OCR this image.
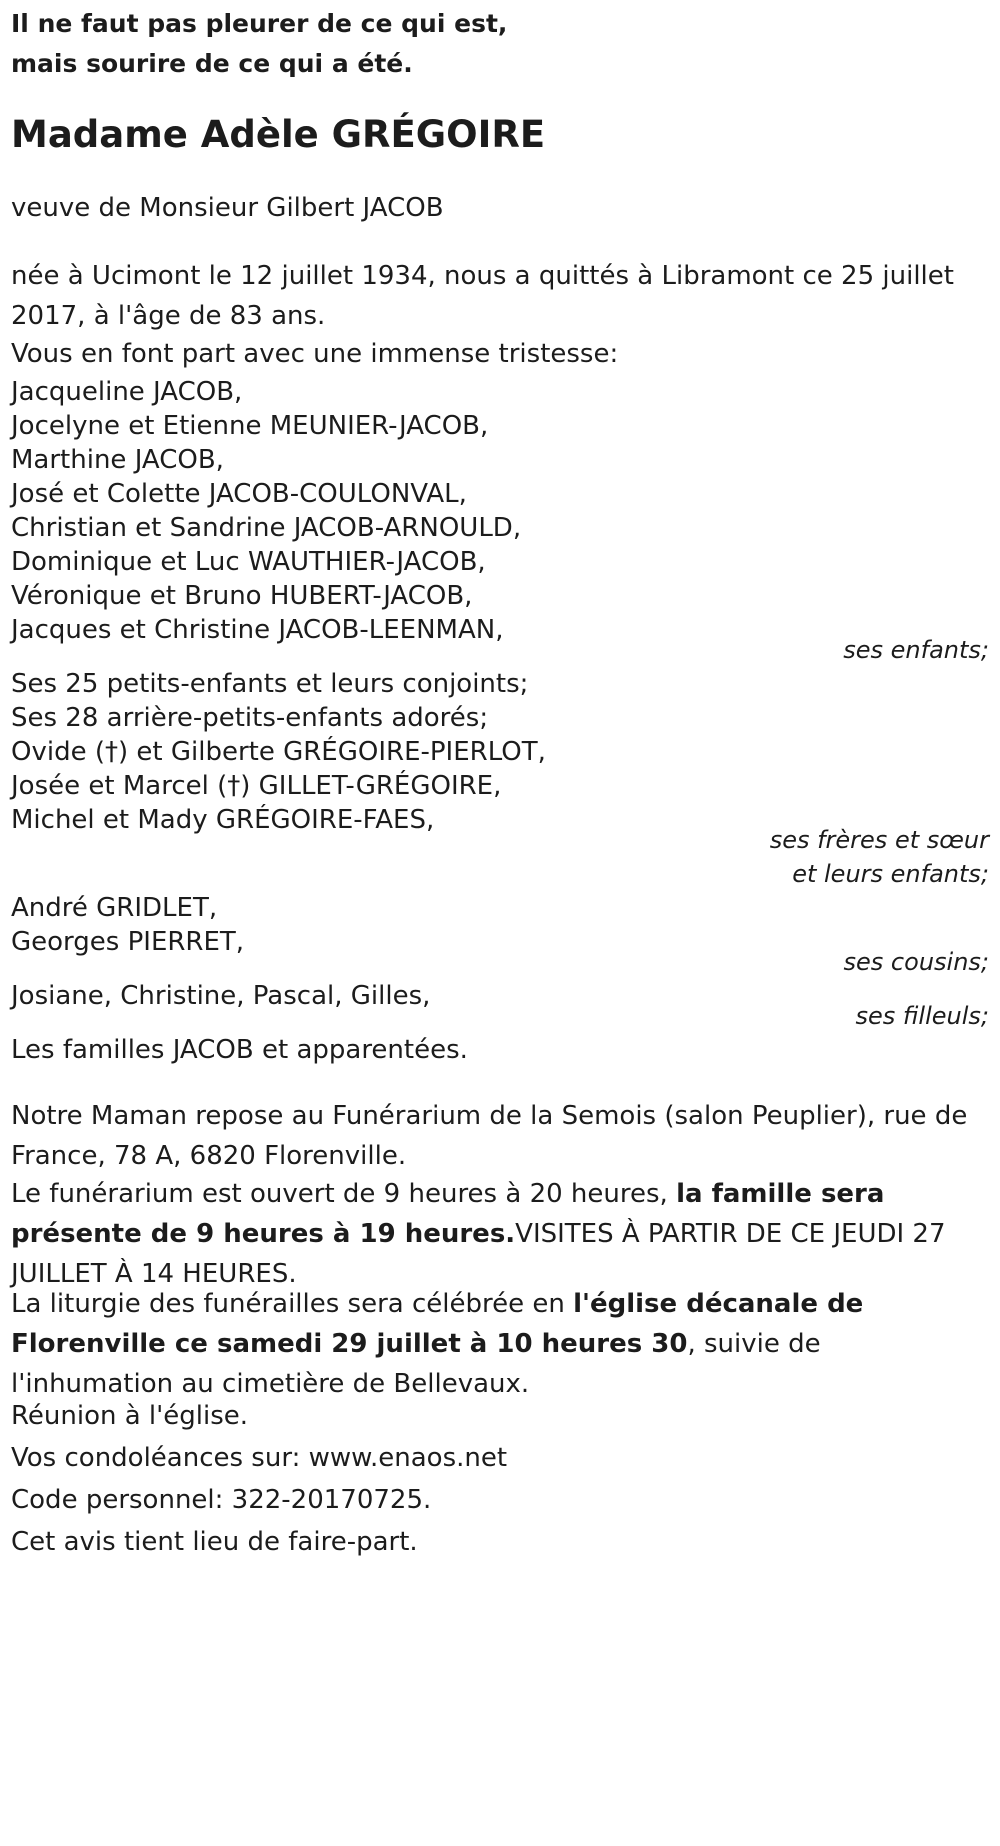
Il ne faut pas pleurer de ce qui est,
mais sourire de ce qui a été.
Madame Adèle GRÉGOIRE
veuve de Monsieur Gilbert JACOB
née à Ucimont le 12 juillet 1934, nous a quittés à Libramont ce 25 juillet 2017, à l'âge de 83 ans.
Vous en font part avec une immense tristesse:
Jacqueline JACOB,
Jocelyne et Etienne MEUNIER-JACOB,
Marthine JACOB,
José et Colette JACOB-COULONVAL,
Christian et Sandrine JACOB-ARNOULD,
Dominique et Luc WAUTHIER-JACOB,
Véronique et Bruno HUBERT-JACOB,
Jacques et Christine JACOB-LEENMAN,
ses enfants;
Ses 25 petits-enfants et leurs conjoints;
Ses 28 arrière-petits-enfants adorés;
Ovide (†) et Gilberte GRÉGOIRE-PIERLOT,
Josée et Marcel (†) GILLET-GRÉGOIRE,
Michel et Mady GRÉGOIRE-FAES,
ses frères et sœur
et leurs enfants;
André GRIDLET,
Georges PIERRET,
ses cousins;
Josiane, Christine, Pascal, Gilles,
ses filleuls;
Les familles JACOB et apparentées.
Notre Maman repose au Funérarium de la Semois (salon Peuplier), rue de France, 78 A, 6820 Florenville.
Le funérarium est ouvert de 9 heures à 20 heures, la famille sera présente de 9 heures à 19 heures.VISITES À PARTIR DE CE JEUDI 27 JUILLET À 14 HEURES.
La liturgie des funérailles sera célébrée en l'église décanale de Florenville ce samedi 29 juillet à 10 heures 30, suivie de l'inhumation au cimetière de Bellevaux.
Réunion à l'église.
Vos condoléances sur: www.enaos.net
Code personnel: 322-20170725.
Cet avis tient lieu de faire-part.
